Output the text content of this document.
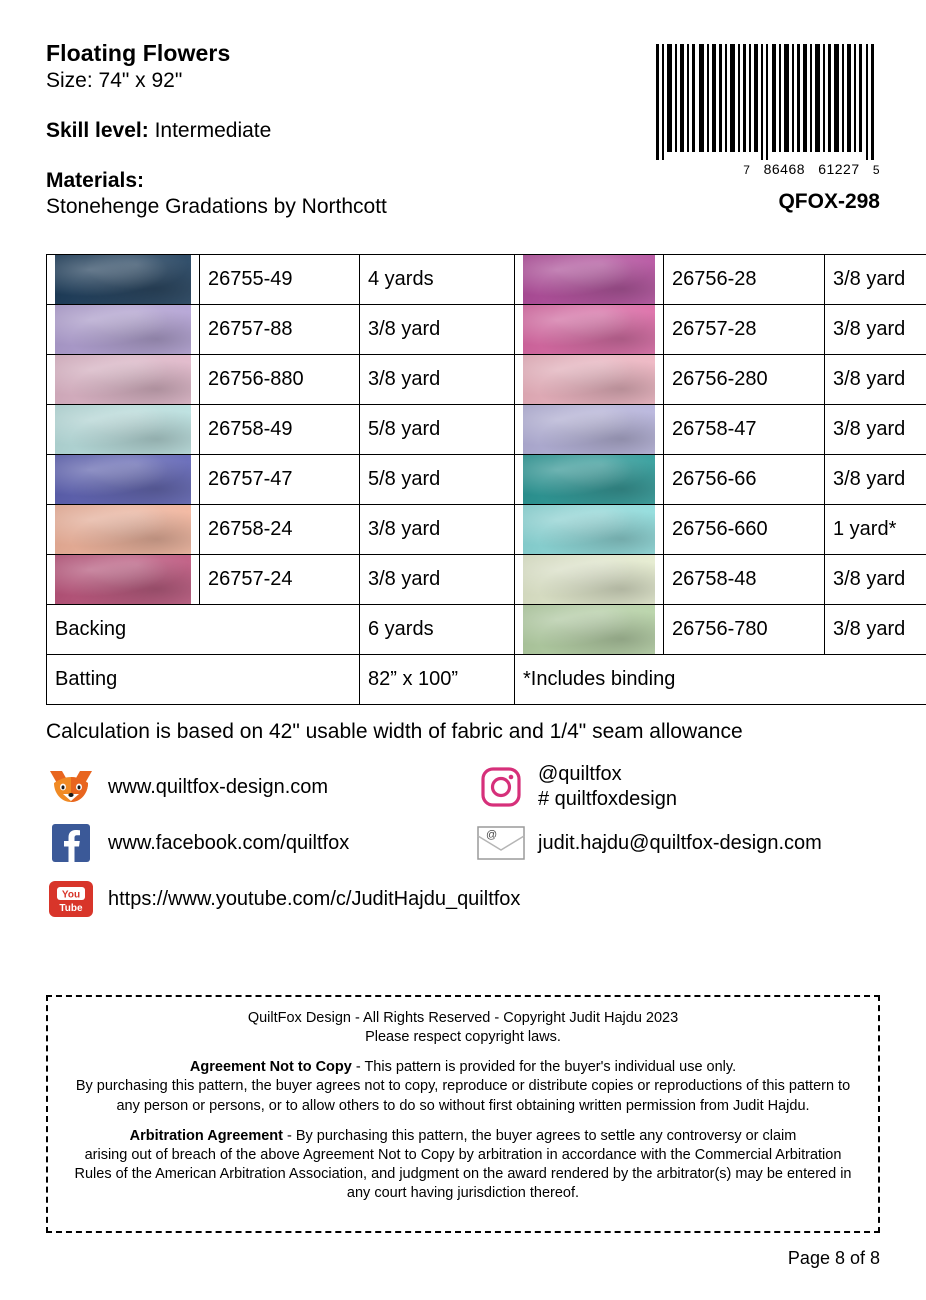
Floating Flowers
Size: 74" x 92"
Skill level: Intermediate
Materials:
Stonehenge Gradations by Northcott
7 86468 61227 5
QFOX-298
	26755-49	4 yards		26756-28	3/8 yard

	26757-88	3/8 yard		26757-28	3/8 yard

	26756-880	3/8 yard		26756-280	3/8 yard

	26758-49	5/8 yard		26758-47	3/8 yard

	26757-47	5/8 yard		26756-66	3/8 yard

	26758-24	3/8 yard		26756-660	1 yard*

	26757-24	3/8 yard		26758-48	3/8 yard
Backing		6 yards		26756-780	3/8 yard
Batting		82” x 100”	*Includes binding		
Calculation is based on 42" usable width of fabric and 1/4" seam allowance
www.quiltfox-design.com
@quiltfox
# quiltfoxdesign
www.facebook.com/quiltfox	@ judit.hajdu@quiltfox-design.com
You
Tube https://www.youtube.com/c/JuditHajdu_quiltfox

QuiltFox Design - All Rights Reserved - Copyright Judit Hajdu 2023

Please respect copyright laws.

Agreement Not to Copy - This pattern is provided for the buyer's individual use only.

By purchasing this pattern, the buyer agrees not to copy, reproduce or distribute copies or reproductions of this pattern to any person or persons, or to allow others to do so without first obtaining written permission from Judit Hajdu.

Arbitration Agreement - By purchasing this pattern, the buyer agrees to settle any controversy or claim

arising out of breach of the above Agreement Not to Copy by arbitration in accordance with the Commercial Arbitration Rules of the American Arbitration Association, and judgment on the award rendered by the arbitrator(s) may be entered in any court having jurisdiction thereof.

Page 8 of 8
